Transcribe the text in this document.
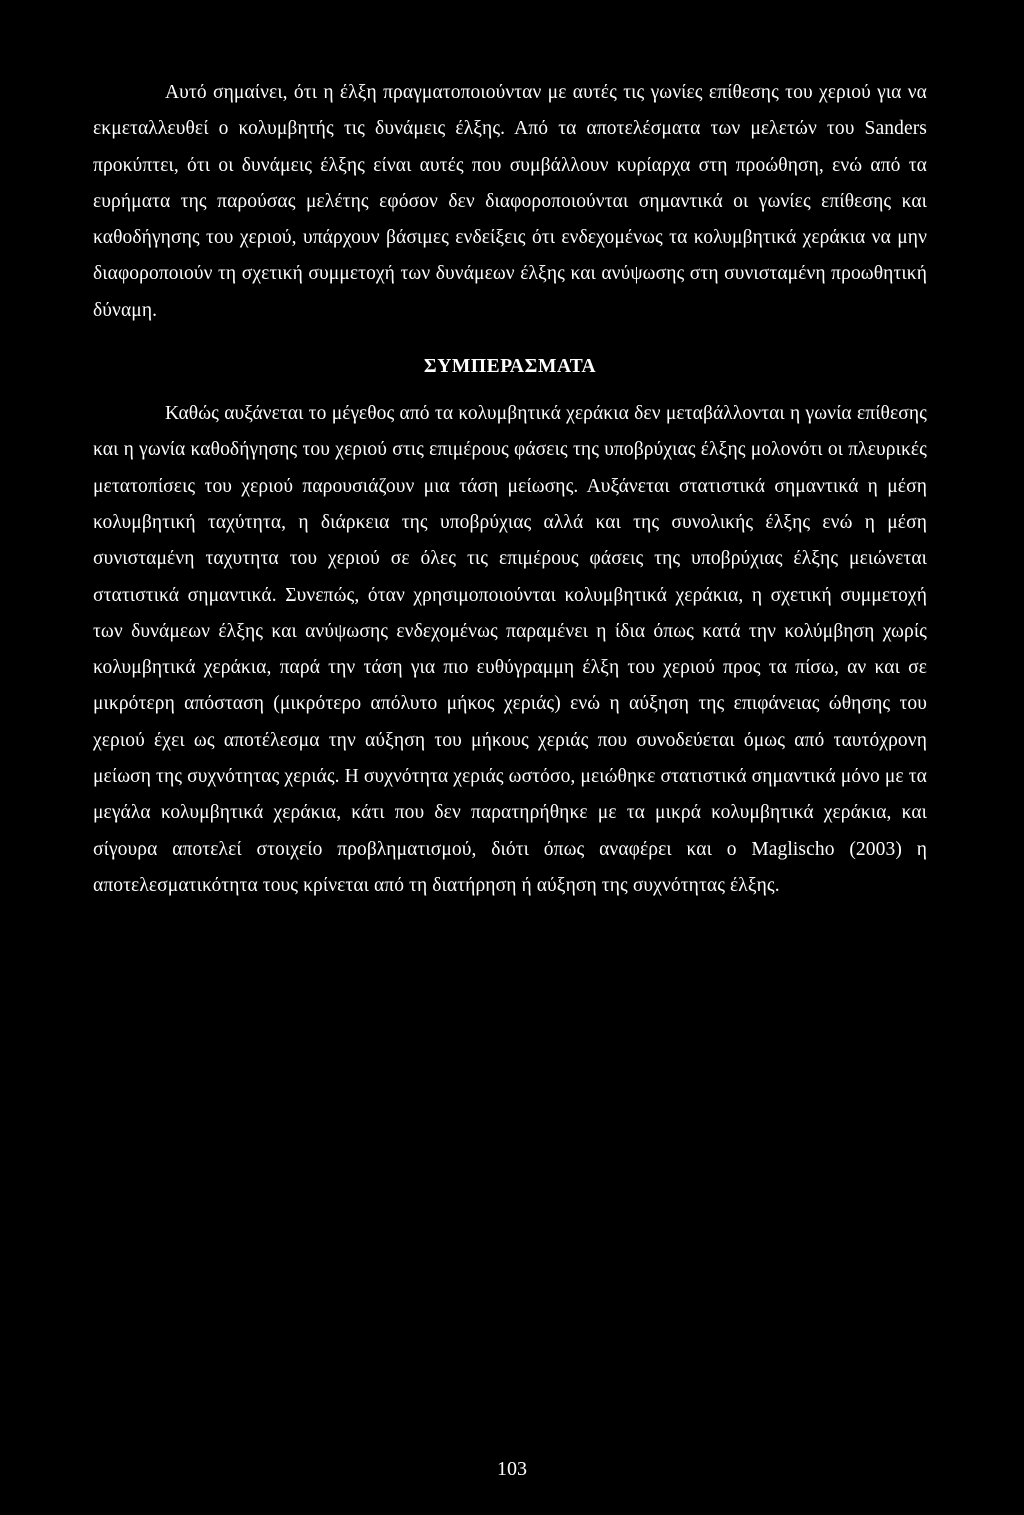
Αυτό σημαίνει, ότι η έλξη πραγματοποιούνταν με αυτές τις γωνίες επίθεσης του χεριού για να εκμεταλλευθεί ο κολυμβητής τις δυνάμεις έλξης. Από τα αποτελέσματα των μελετών του Sanders προκύπτει, ότι οι δυνάμεις έλξης είναι αυτές που συμβάλλουν κυρίαρχα στη προώθηση, ενώ από τα ευρήματα της παρούσας μελέτης εφόσον δεν διαφοροποιούνται σημαντικά οι γωνίες επίθεσης και καθοδήγησης του χεριού, υπάρχουν βάσιμες ενδείξεις ότι ενδεχομένως τα κολυμβητικά χεράκια να μην διαφοροποιούν τη σχετική συμμετοχή των δυνάμεων έλξης και ανύψωσης στη συνισταμένη προωθητική δύναμη.

ΣΥΜΠΕΡΑΣΜΑΤΑ

Καθώς αυξάνεται το μέγεθος από τα κολυμβητικά χεράκια δεν μεταβάλλονται η γωνία επίθεσης και η γωνία καθοδήγησης του χεριού στις επιμέρους φάσεις της υποβρύχιας έλξης μολονότι οι πλευρικές μετατοπίσεις του χεριού παρουσιάζουν μια τάση μείωσης. Αυξάνεται στατιστικά σημαντικά η μέση κολυμβητική ταχύτητα, η διάρκεια της υποβρύχιας αλλά και της συνολικής έλξης ενώ η μέση συνισταμένη ταχυτητα του χεριού σε όλες τις επιμέρους φάσεις της υποβρύχιας έλξης μειώνεται στατιστικά σημαντικά. Συνεπώς, όταν χρησιμοποιούνται κολυμβητικά χεράκια, η σχετική συμμετοχή των δυνάμεων έλξης και ανύψωσης ενδεχομένως παραμένει η ίδια όπως κατά την κολύμβηση χωρίς κολυμβητικά χεράκια, παρά την τάση για πιο ευθύγραμμη έλξη του χεριού προς τα πίσω, αν και σε μικρότερη απόσταση (μικρότερο απόλυτο μήκος χεριάς) ενώ η αύξηση της επιφάνειας ώθησης του χεριού έχει ως αποτέλεσμα την αύξηση του μήκους χεριάς που συνοδεύεται όμως από ταυτόχρονη μείωση της συχνότητας χεριάς. Η συχνότητα χεριάς ωστόσο, μειώθηκε στατιστικά σημαντικά μόνο με τα μεγάλα κολυμβητικά χεράκια, κάτι που δεν παρατηρήθηκε με τα μικρά κολυμβητικά χεράκια, και σίγουρα αποτελεί στοιχείο προβληματισμού, διότι όπως αναφέρει και ο Maglischo (2003) η αποτελεσματικότητα τους κρίνεται από τη διατήρηση ή αύξηση της συχνότητας έλξης.

103
